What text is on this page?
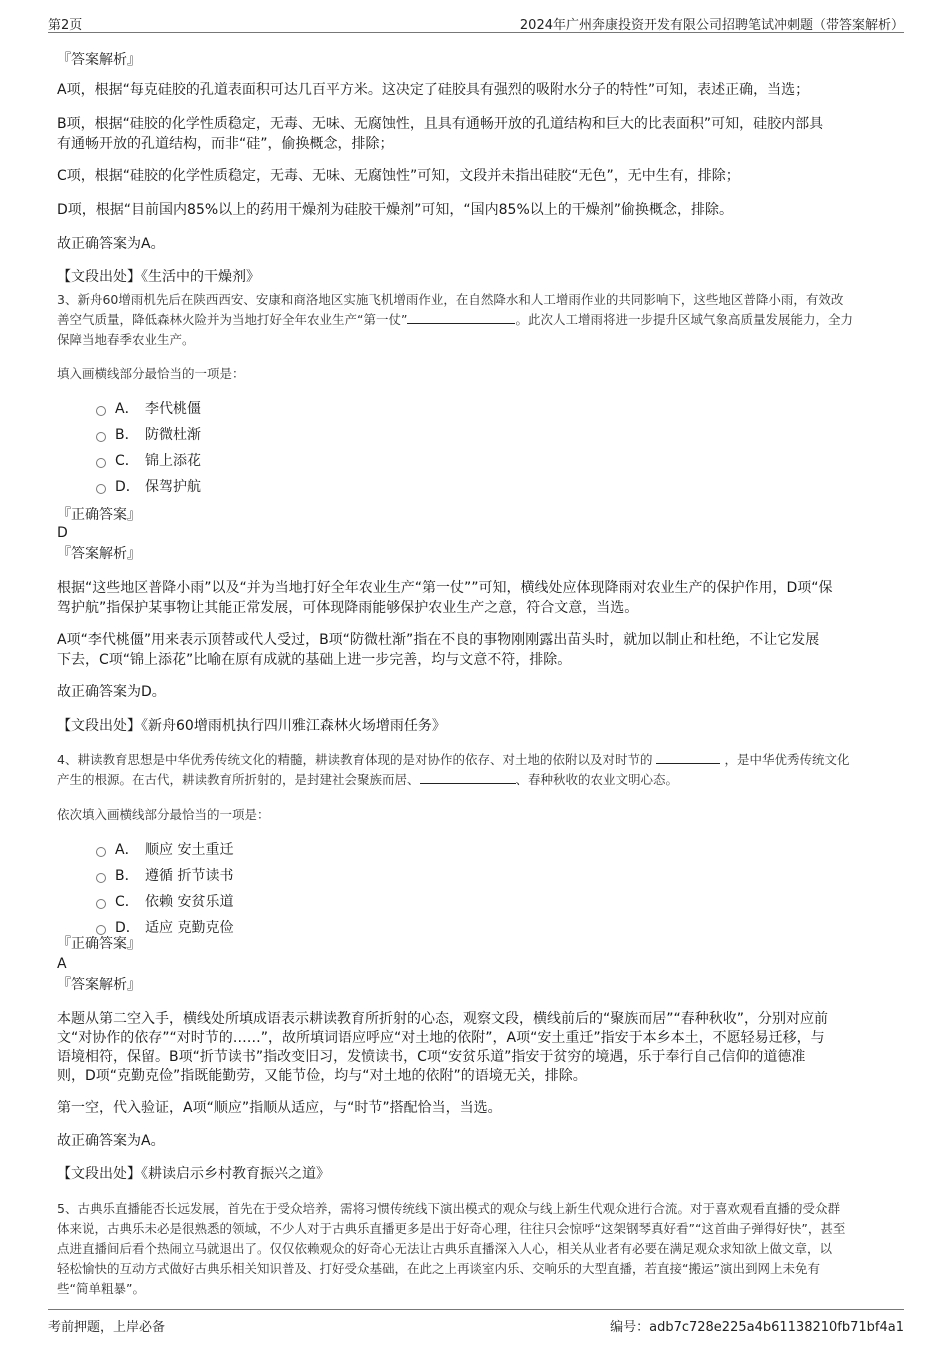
第2页	2024年广州奔康投资开发有限公司招聘笔试冲刺题（带答案解析）
『答案解析』
A项，根据“每克硅胶的孔道表面积可达几百平方米。这决定了硅胶具有强烈的吸附水分子的特性”可知，表述正确，当选；
B项，根据“硅胶的化学性质稳定，无毒、无味、无腐蚀性，且具有通畅开放的孔道结构和巨大的比表面积”可知，硅胶内部具
有通畅开放的孔道结构，而非“硅”，偷换概念，排除；
C项，根据“硅胶的化学性质稳定，无毒、无味、无腐蚀性”可知，文段并未指出硅胶“无色”，无中生有，排除；
D项，根据“目前国内85%以上的药用干燥剂为硅胶干燥剂”可知，“国内85%以上的干燥剂”偷换概念，排除。
故正确答案为A。
【文段出处】《生活中的干燥剂》
3、新舟60增雨机先后在陕西西安、安康和商洛地区实施飞机增雨作业，在自然降水和人工增雨作业的共同影响下，这些地区普降小雨，有效改
善空气质量，降低森林火险并为当地打好全年农业生产“第一仗”	。此次人工增雨将进一步提升区域气象高质量发展能力，全力
保障当地春季农业生产。
填入画横线部分最恰当的一项是：
A． 李代桃僵
B． 防微杜渐
C． 锦上添花
D． 保驾护航
『正确答案』
D
『答案解析』
根据“这些地区普降小雨”以及“并为当地打好全年农业生产“第一仗””可知，横线处应体现降雨对农业生产的保护作用，D项“保
驾护航”指保护某事物让其能正常发展，可体现降雨能够保护农业生产之意，符合文意，当选。
A项“李代桃僵”用来表示顶替或代人受过，B项“防微杜渐”指在不良的事物刚刚露出苗头时，就加以制止和杜绝，不让它发展
下去，C项“锦上添花”比喻在原有成就的基础上进一步完善，均与文意不符，排除。
故正确答案为D。
【文段出处】《新舟60增雨机执行四川雅江森林火场增雨任务》
4、耕读教育思想是中华优秀传统文化的精髓，耕读教育体现的是对协作的依存、对土地的依附以及对时节的	，是中华优秀传统文化
产生的根源。在古代，耕读教育所折射的，是封建社会聚族而居、	、春种秋收的农业文明心态。
依次填入画横线部分最恰当的一项是：
A． 顺应 安土重迁
B． 遵循 折节读书
C． 依赖 安贫乐道
D． 适应 克勤克俭
『正确答案』
A
『答案解析』
本题从第二空入手，横线处所填成语表示耕读教育所折射的心态，观察文段，横线前后的“聚族而居”“春种秋收”，分别对应前
文“对协作的依存”“对时节的……”，故所填词语应呼应“对土地的依附”，A项“安土重迁”指安于本乡本土，不愿轻易迁移，与
语境相符，保留。B项“折节读书”指改变旧习，发愤读书，C项“安贫乐道”指安于贫穷的境遇，乐于奉行自己信仰的道德准
则，D项“克勤克俭”指既能勤劳，又能节俭，均与“对土地的依附”的语境无关，排除。
第一空，代入验证，A项“顺应”指顺从适应，与“时节”搭配恰当，当选。
故正确答案为A。
【文段出处】《耕读启示乡村教育振兴之道》
5、古典乐直播能否长远发展，首先在于受众培养，需将习惯传统线下演出模式的观众与线上新生代观众进行合流。对于喜欢观看直播的受众群
体来说，古典乐未必是很熟悉的领域，不少人对于古典乐直播更多是出于好奇心理，往往只会惊呼“这架钢琴真好看”“这首曲子弹得好快”，甚至
点进直播间后看个热闹立马就退出了。仅仅依赖观众的好奇心无法让古典乐直播深入人心，相关从业者有必要在满足观众求知欲上做文章，以
轻松愉快的互动方式做好古典乐相关知识普及、打好受众基础，在此之上再谈室内乐、交响乐的大型直播，若直接“搬运”演出到网上未免有
些“简单粗暴”。
考前押题，上岸必备	编号：adb7c728e225a4b61138210fb71bf4a1
